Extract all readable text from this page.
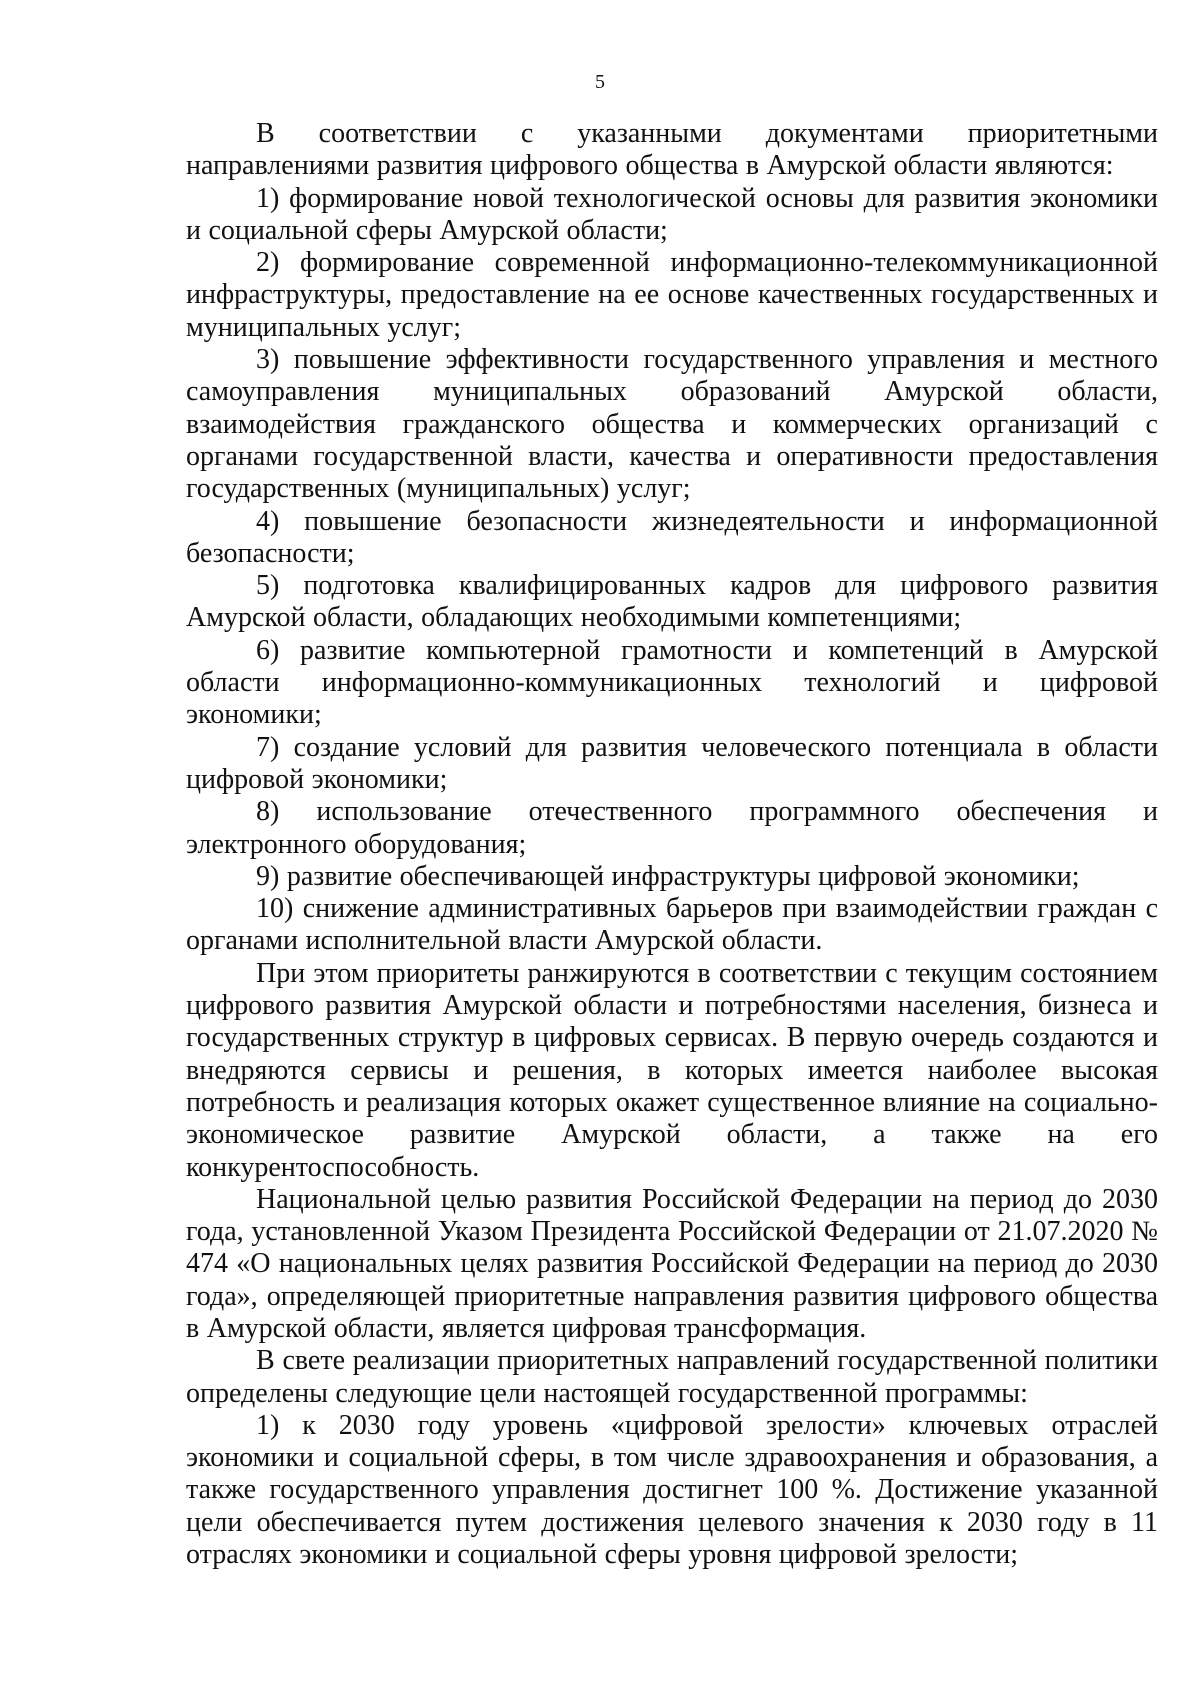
5

В соответствии с указанными документами приоритетными направлениями развития цифрового общества в Амурской области являются:

1) формирование новой технологической основы для развития экономики и социальной сферы Амурской области;

2) формирование современной информационно-телекоммуникационной инфраструктуры, предоставление на ее основе качественных государственных и муниципальных услуг;

3) повышение эффективности государственного управления и местного самоуправления муниципальных образований Амурской области, взаимодействия гражданского общества и коммерческих организаций с органами государственной власти, качества и оперативности предоставления государственных (муниципальных) услуг;

4) повышение безопасности жизнедеятельности и информационной безопасности;

5) подготовка квалифицированных кадров для цифрового развития Амурской области, обладающих необходимыми компетенциями;

6) развитие компьютерной грамотности и компетенций в Амурской области информационно-коммуникационных технологий и цифровой экономики;

7) создание условий для развития человеческого потенциала в области цифровой экономики;

8) использование отечественного программного обеспечения и электронного оборудования;

9) развитие обеспечивающей инфраструктуры цифровой экономики;

10) снижение административных барьеров при взаимодействии граждан с органами исполнительной власти Амурской области.

При этом приоритеты ранжируются в соответствии с текущим состоянием цифрового развития Амурской области и потребностями населения, бизнеса и государственных структур в цифровых сервисах. В первую очередь создаются и внедряются сервисы и решения, в которых имеется наиболее высокая потребность и реализация которых окажет существенное влияние на социально-экономическое развитие Амурской области, а также на его конкурентоспособность.

Национальной целью развития Российской Федерации на период до 2030 года, установленной Указом Президента Российской Федерации от 21.07.2020 № 474 «О национальных целях развития Российской Федерации на период до 2030 года», определяющей приоритетные направления развития цифрового общества в Амурской области, является цифровая трансформация.

В свете реализации приоритетных направлений государственной политики определены следующие цели настоящей государственной программы:

1) к 2030 году уровень «цифровой зрелости» ключевых отраслей экономики и социальной сферы, в том числе здравоохранения и образования, а также государственного управления достигнет 100 %. Достижение указанной цели обеспечивается путем достижения целевого значения к 2030 году в 11 отраслях экономики и социальной сферы уровня цифровой зрелости;
